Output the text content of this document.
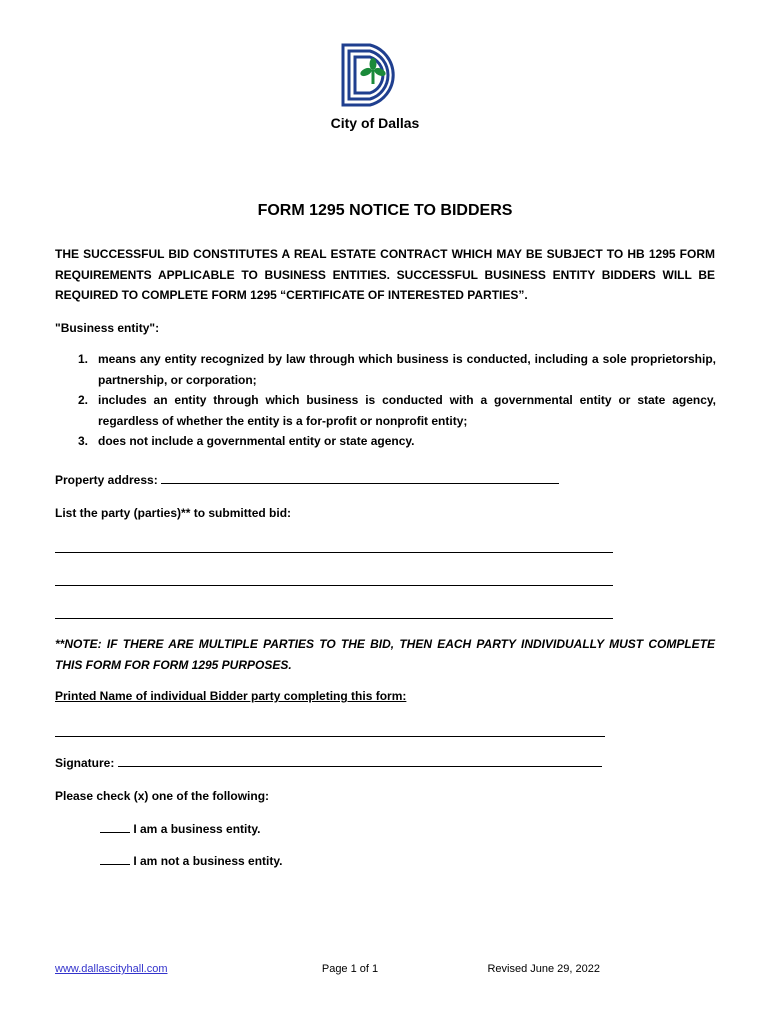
City of Dallas
FORM 1295 NOTICE TO BIDDERS
THE SUCCESSFUL BID CONSTITUTES A REAL ESTATE CONTRACT WHICH MAY BE SUBJECT TO HB 1295 FORM REQUIREMENTS APPLICABLE TO BUSINESS ENTITIES. SUCCESSFUL BUSINESS ENTITY BIDDERS WILL BE REQUIRED TO COMPLETE FORM 1295 “CERTIFICATE OF INTERESTED PARTIES”.
"Business entity":
1. means any entity recognized by law through which business is conducted, including a sole proprietorship, partnership, or corporation;
2. includes an entity through which business is conducted with a governmental entity or state agency, regardless of whether the entity is a for-profit or nonprofit entity;
3. does not include a governmental entity or state agency.
Property address:
List the party (parties)** to submitted bid:
**NOTE: IF THERE ARE MULTIPLE PARTIES TO THE BID, THEN EACH PARTY INDIVIDUALLY MUST COMPLETE THIS FORM FOR FORM 1295 PURPOSES.
Printed Name of individual Bidder party completing this form:
Signature:
Please check (x) one of the following:
I am a business entity.
I am not a business entity.
www.dallascityhall.com	Page 1 of 1	Revised June 29, 2022
